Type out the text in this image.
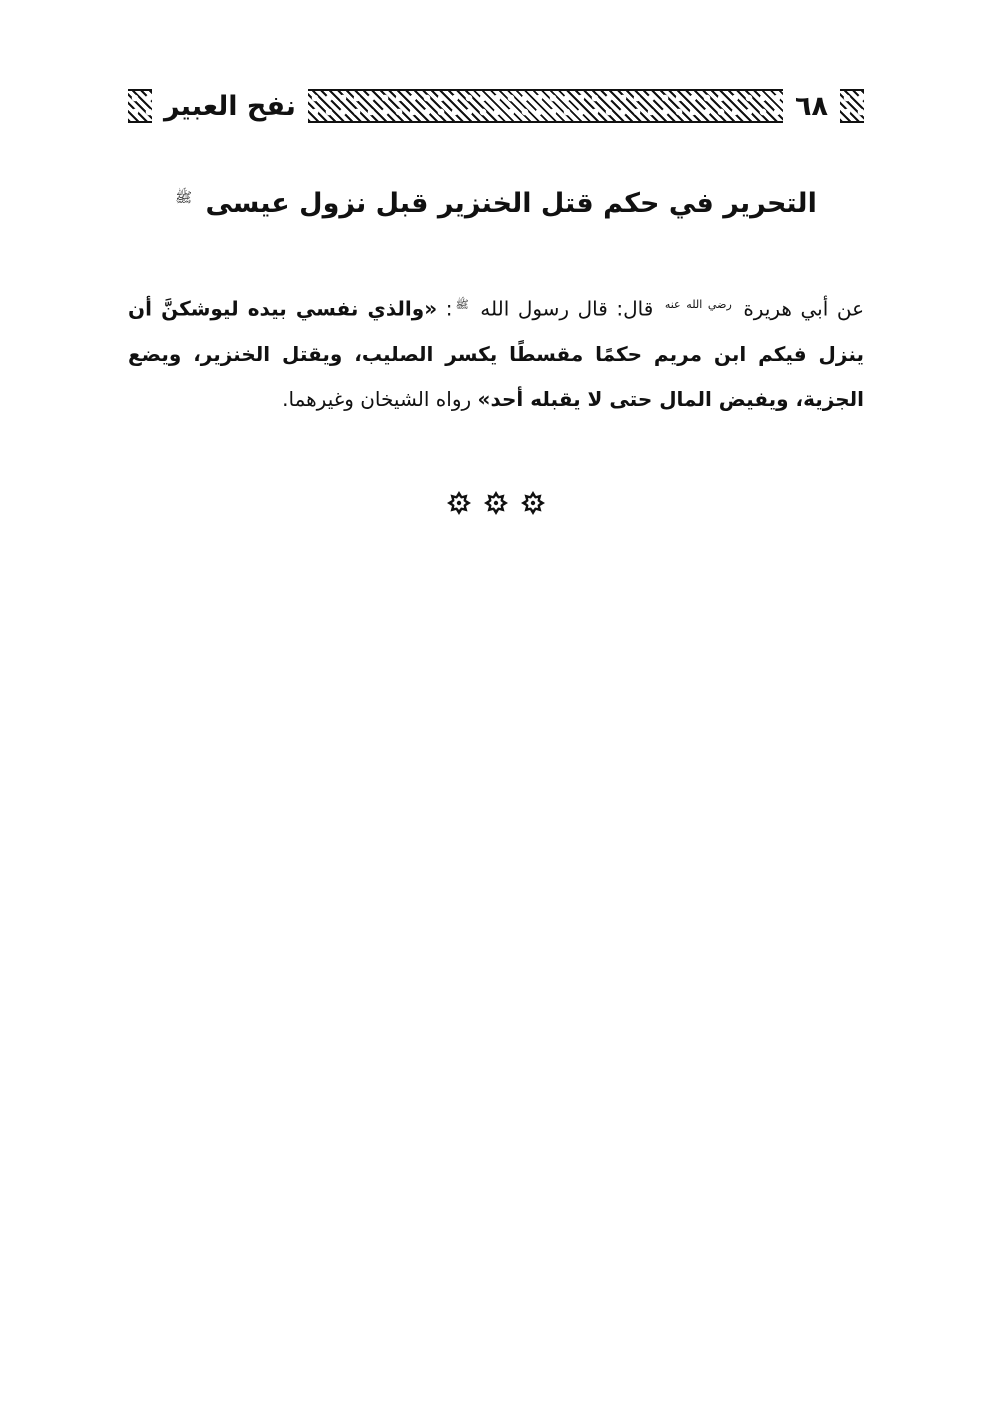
٦٨
نفح العبير
التحرير في حكم قتل الخنزير قبل نزول عيسى $^ﷺ$

عن أبي هريرة $^{رضي الله عنه}$ قال: قال رسول الله $^ﷺ$: «والذي نفسي بيده ليوشكنَّ أن ينزل فيكم ابن مريم حكمًا مقسطًا يكسر الصليب، ويقتل الخنزير، ويضع الجزية، ويفيض المال حتى لا يقبله أحد» رواه الشيخان وغيرهما.
